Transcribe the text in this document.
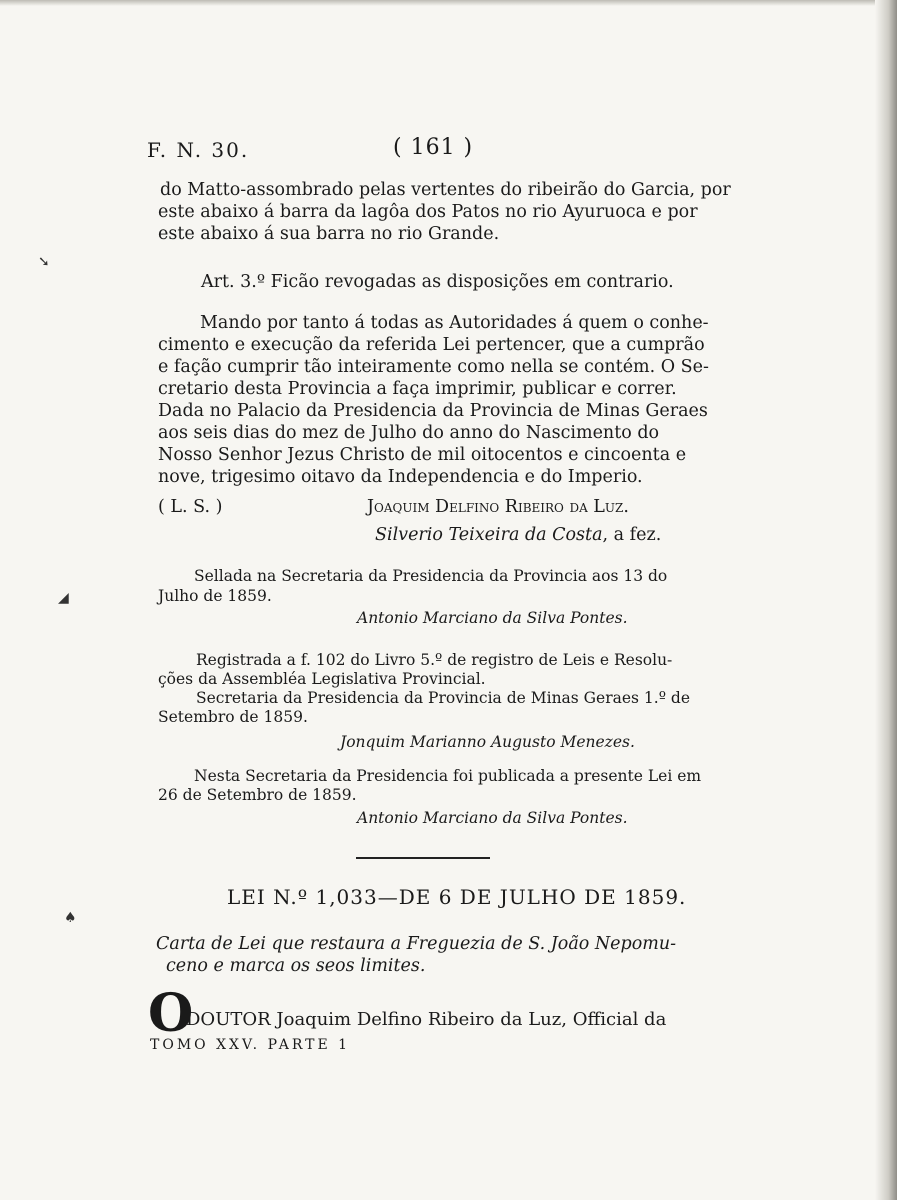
F. N. 30.	( 161 )
do Matto-assombrado pelas vertentes do ribeirão do Garcia, por
este abaixo á barra da lagôa dos Patos no rio Ayuruoca e por
este abaixo á sua barra no rio Grande.
➘
Art. 3.º Ficão revogadas as disposições em contrario.
Mando por tanto á todas as Autoridades á quem o conhe-
cimento e execução da referida Lei pertencer, que a cumprão
e fação cumprir tão inteiramente como nella se contém. O Se-
cretario desta Provincia a faça imprimir, publicar e correr.
Dada no Palacio da Presidencia da Provincia de Minas Geraes
aos seis dias do mez de Julho do anno do Nascimento do
Nosso Senhor Jezus Christo de mil oitocentos e cincoenta e
nove, trigesimo oitavo da Independencia e do Imperio.
( L. S. )	Joaquim Delfino Ribeiro da Luz.
Silverio Teixeira da Costa, a fez.
Sellada na Secretaria da Presidencia da Provincia aos 13 do
Julho de 1859.
◢
Antonio Marciano da Silva Pontes.
Registrada a f. 102 do Livro 5.º de registro de Leis e Resolu-
ções da Assembléa Legislativa Provincial.
Secretaria da Presidencia da Provincia de Minas Geraes 1.º de
Setembro de 1859.
Jonquim Marianno Augusto Menezes.
Nesta Secretaria da Presidencia foi publicada a presente Lei em
26 de Setembro de 1859.
Antonio Marciano da Silva Pontes.
LEI N.º 1,033—DE 6 DE JULHO DE 1859.
♠
Carta de Lei que restaura a Freguezia de S. João Nepomu-
ceno e marca os seos limites.
O
DOUTOR Joaquim Delfino Ribeiro da Luz, Official da
TOMO XXV. PARTE 1
